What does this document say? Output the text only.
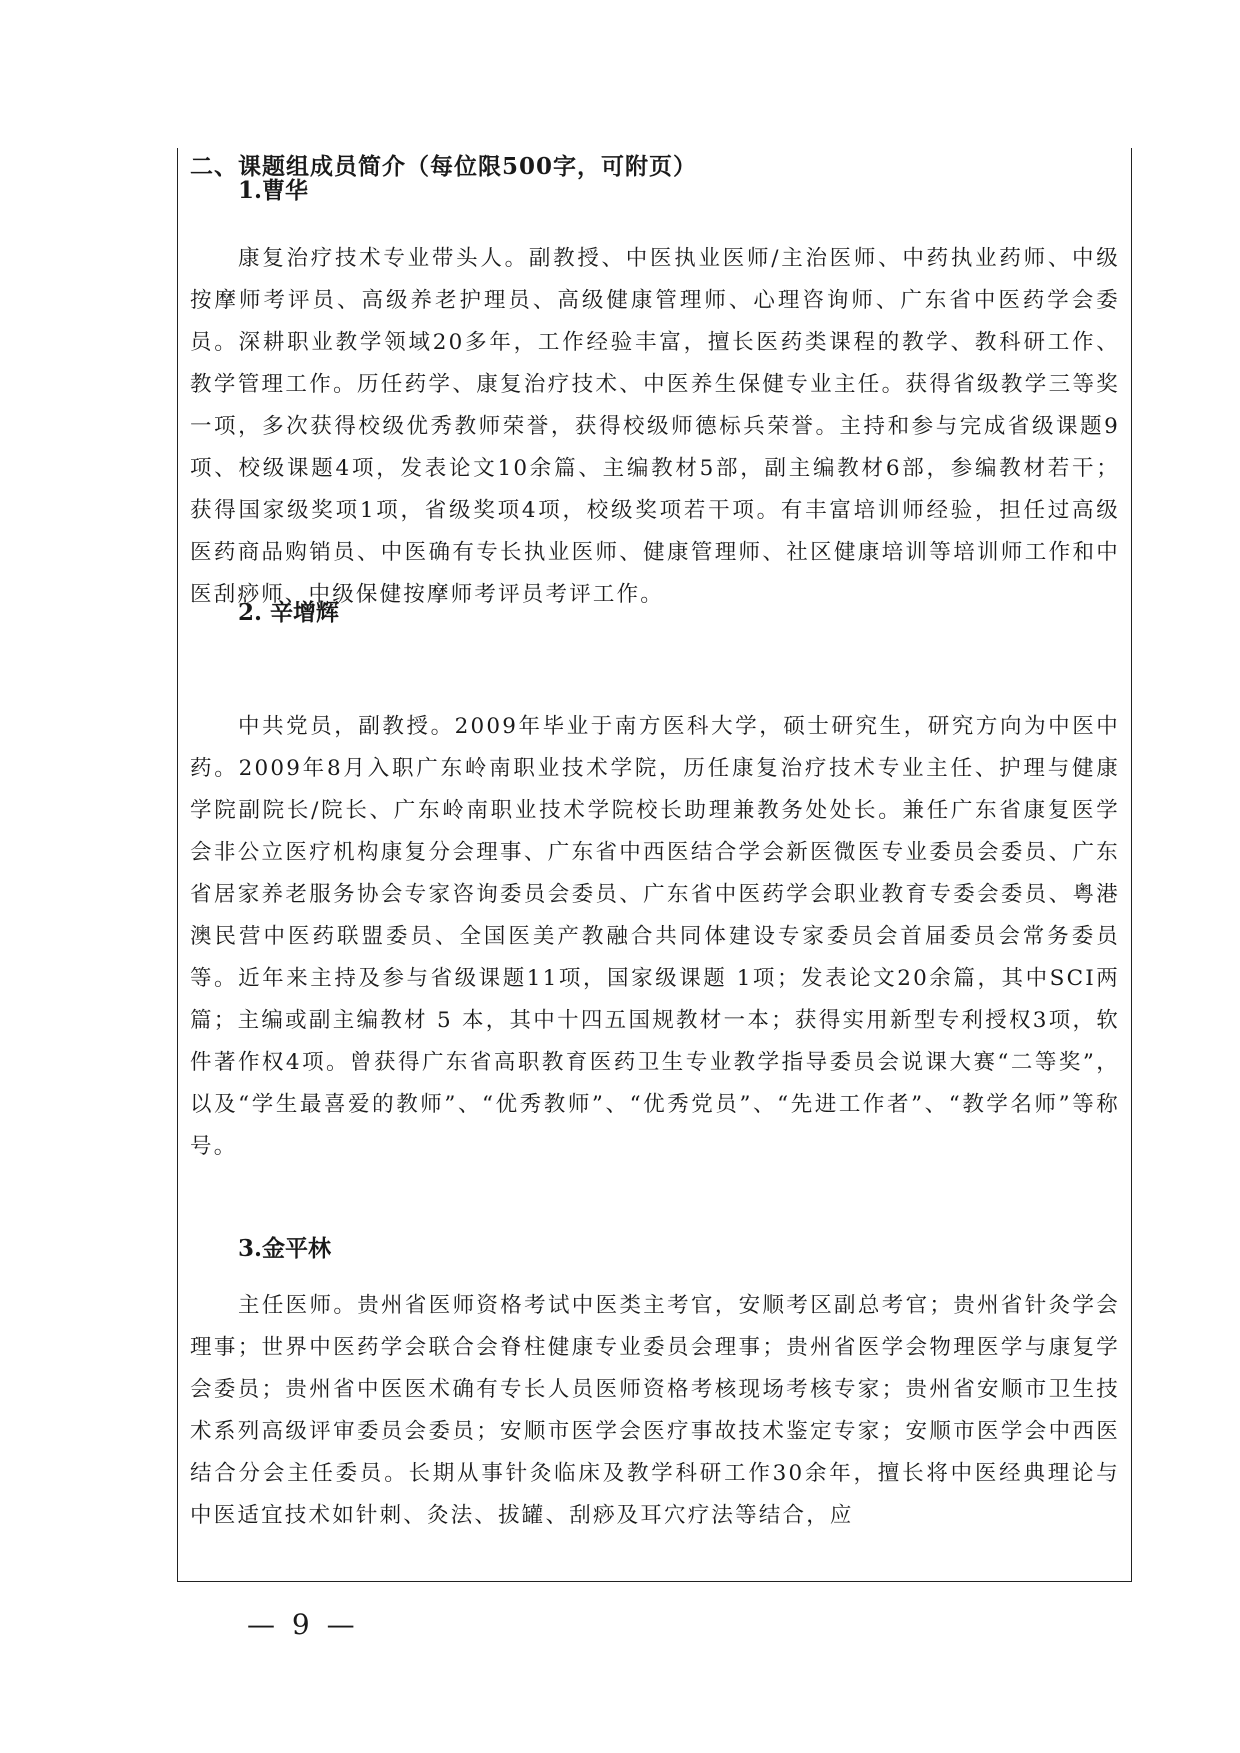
二、课题组成员简介（每位限500字，可附页）
1.曹华
康复治疗技术专业带头人。副教授、中医执业医师/主治医师、中药执业药师、中级按摩师考评员、高级养老护理员、高级健康管理师、心理咨询师、广东省中医药学会委员。深耕职业教学领域20多年，工作经验丰富，擅长医药类课程的教学、教科研工作、教学管理工作。历任药学、康复治疗技术、中医养生保健专业主任。获得省级教学三等奖一项，多次获得校级优秀教师荣誉，获得校级师德标兵荣誉。主持和参与完成省级课题9项、校级课题4项，发表论文10余篇、主编教材5部，副主编教材6部，参编教材若干；获得国家级奖项1项，省级奖项4项，校级奖项若干项。有丰富培训师经验，担任过高级医药商品购销员、中医确有专长执业医师、健康管理师、社区健康培训等培训师工作和中医刮痧师、中级保健按摩师考评员考评工作。
2. 辛增辉
中共党员，副教授。2009年毕业于南方医科大学，硕士研究生，研究方向为中医中药。2009年8月入职广东岭南职业技术学院，历任康复治疗技术专业主任、护理与健康学院副院长/院长、广东岭南职业技术学院校长助理兼教务处处长。兼任广东省康复医学会非公立医疗机构康复分会理事、广东省中西医结合学会新医微医专业委员会委员、广东省居家养老服务协会专家咨询委员会委员、广东省中医药学会职业教育专委会委员、粤港澳民营中医药联盟委员、全国医美产教融合共同体建设专家委员会首届委员会常务委员等。近年来主持及参与省级课题11项，国家级课题 1项；发表论文20余篇，其中SCI两篇；主编或副主编教材 5 本，其中十四五国规教材一本；获得实用新型专利授权3项，软件著作权4项。曾获得广东省高职教育医药卫生专业教学指导委员会说课大赛“二等奖”，以及“学生最喜爱的教师”、“优秀教师”、“优秀党员”、“先进工作者”、“教学名师”等称号。
3.金平林
主任医师。贵州省医师资格考试中医类主考官，安顺考区副总考官；贵州省针灸学会理事；世界中医药学会联合会脊柱健康专业委员会理事；贵州省医学会物理医学与康复学会委员；贵州省中医医术确有专长人员医师资格考核现场考核专家；贵州省安顺市卫生技术系列高级评审委员会委员；安顺市医学会医疗事故技术鉴定专家；安顺市医学会中西医结合分会主任委员。长期从事针灸临床及教学科研工作30余年，擅长将中医经典理论与中医适宜技术如针刺、灸法、拔罐、刮痧及耳穴疗法等结合，应
— 9 —
